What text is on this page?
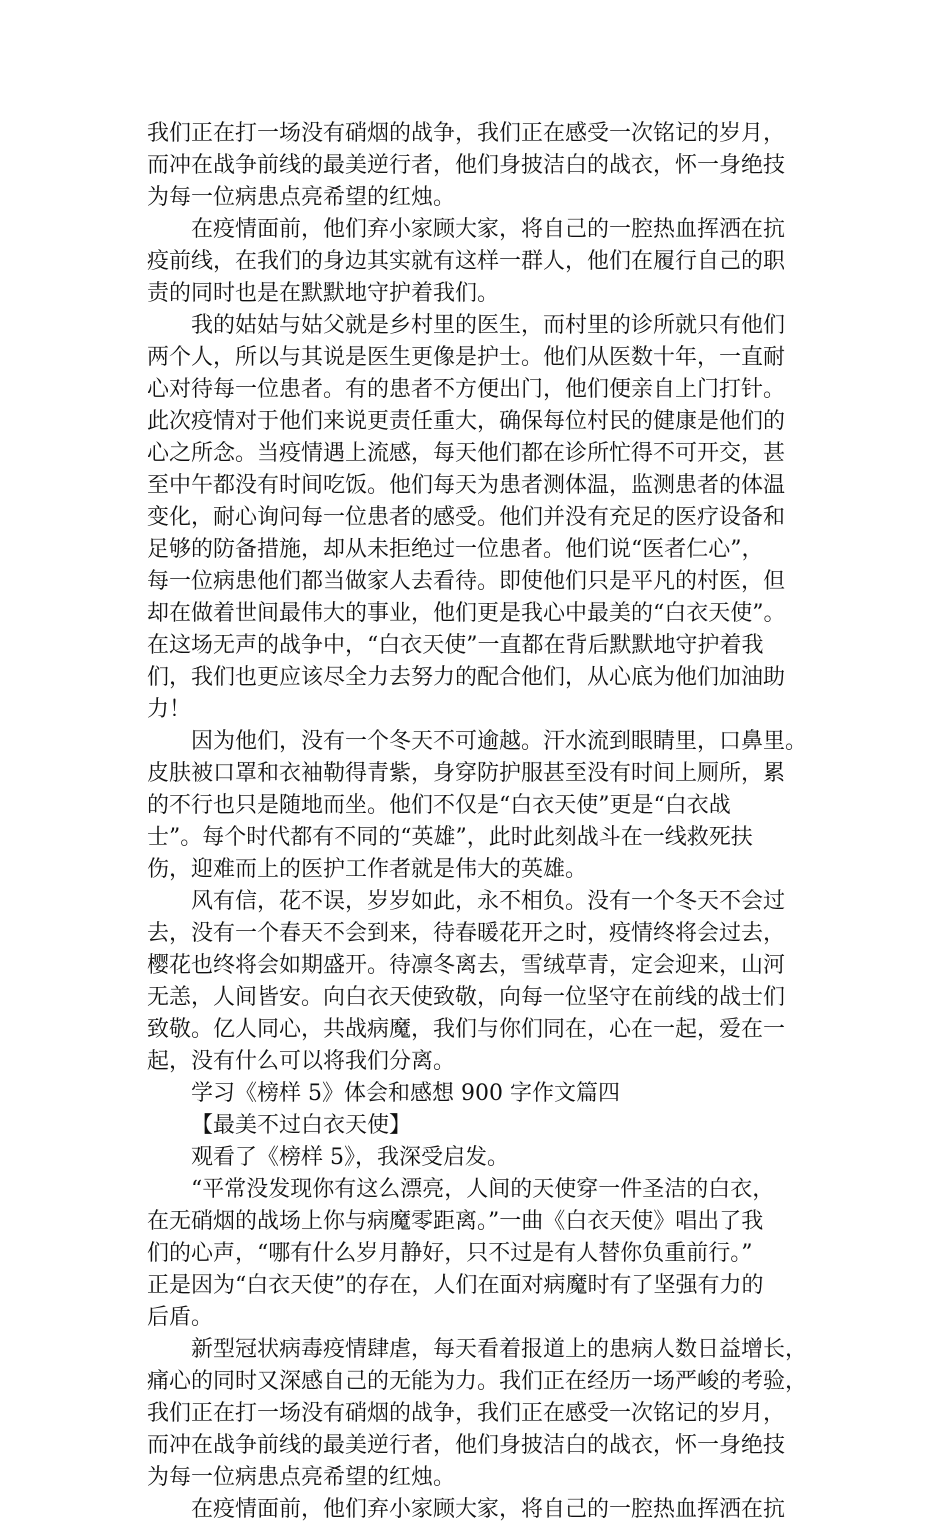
我们正在打一场没有硝烟的战争，我们正在感受一次铭记的岁月，
而冲在战争前线的最美逆行者，他们身披洁白的战衣，怀一身绝技
为每一位病患点亮希望的红烛。

在疫情面前，他们弃小家顾大家，将自己的一腔热血挥洒在抗
疫前线，在我们的身边其实就有这样一群人，他们在履行自己的职
责的同时也是在默默地守护着我们。

我的姑姑与姑父就是乡村里的医生，而村里的诊所就只有他们
两个人，所以与其说是医生更像是护士。他们从医数十年，一直耐
心对待每一位患者。有的患者不方便出门，他们便亲自上门打针。
此次疫情对于他们来说更责任重大，确保每位村民的健康是他们的
心之所念。当疫情遇上流感，每天他们都在诊所忙得不可开交，甚
至中午都没有时间吃饭。他们每天为患者测体温，监测患者的体温
变化，耐心询问每一位患者的感受。他们并没有充足的医疗设备和
足够的防备措施，却从未拒绝过一位患者。他们说“医者仁心”，
每一位病患他们都当做家人去看待。即使他们只是平凡的村医，但
却在做着世间最伟大的事业，他们更是我心中最美的“白衣天使”。
在这场无声的战争中，“白衣天使”一直都在背后默默地守护着我
们，我们也更应该尽全力去努力的配合他们，从心底为他们加油助
力！

因为他们，没有一个冬天不可逾越。汗水流到眼睛里，口鼻里。
皮肤被口罩和衣袖勒得青紫，身穿防护服甚至没有时间上厕所，累
的不行也只是随地而坐。他们不仅是“白衣天使”更是“白衣战
士”。每个时代都有不同的“英雄”，此时此刻战斗在一线救死扶
伤，迎难而上的医护工作者就是伟大的英雄。

风有信，花不误，岁岁如此，永不相负。没有一个冬天不会过
去，没有一个春天不会到来，待春暖花开之时，疫情终将会过去，
樱花也终将会如期盛开。待凛冬离去，雪绒草青，定会迎来，山河
无恙，人间皆安。向白衣天使致敬，向每一位坚守在前线的战士们
致敬。亿人同心，共战病魔，我们与你们同在，心在一起，爱在一
起，没有什么可以将我们分离。

学习《榜样 5》体会和感想 900 字作文篇四

【最美不过白衣天使】

观看了《榜样 5》，我深受启发。

“平常没发现你有这么漂亮，人间的天使穿一件圣洁的白衣，
在无硝烟的战场上你与病魔零距离。”一曲《白衣天使》唱出了我
们的心声，“哪有什么岁月静好，只不过是有人替你负重前行。”
正是因为“白衣天使”的存在，人们在面对病魔时有了坚强有力的
后盾。

新型冠状病毒疫情肆虐，每天看着报道上的患病人数日益增长，
痛心的同时又深感自己的无能为力。我们正在经历一场严峻的考验，
我们正在打一场没有硝烟的战争，我们正在感受一次铭记的岁月，
而冲在战争前线的最美逆行者，他们身披洁白的战衣，怀一身绝技
为每一位病患点亮希望的红烛。

在疫情面前，他们弃小家顾大家，将自己的一腔热血挥洒在抗
